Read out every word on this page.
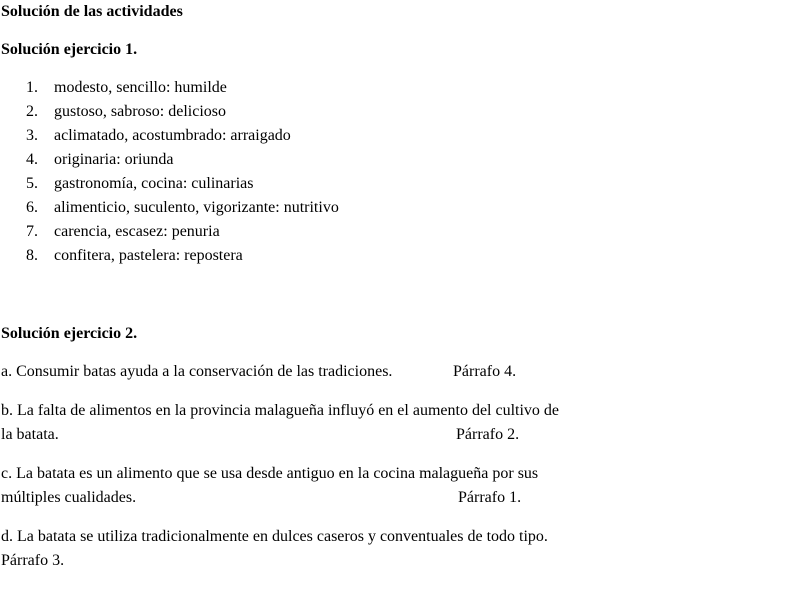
Solución de las actividades
Solución ejercicio 1.
1.	modesto, sencillo: humilde
2.	gustoso, sabroso: delicioso
3.	aclimatado, acostumbrado: arraigado
4.	originaria: oriunda
5.	gastronomía, cocina: culinarias
6.	alimenticio, suculento, vigorizante: nutritivo
7.	carencia, escasez: penuria
8.	confitera, pastelera: repostera
Solución ejercicio 2.
a. Consumir batas ayuda a la conservación de las tradiciones.	Párrafo 4.
b. La falta de alimentos en la provincia malagueña influyó en el aumento del cultivo de
la batata.	Párrafo 2.
c. La batata es un alimento que se usa desde antiguo en la cocina malagueña por sus
múltiples cualidades.	Párrafo 1.
d. La batata se utiliza tradicionalmente en dulces caseros y conventuales de todo tipo.
Párrafo 3.
